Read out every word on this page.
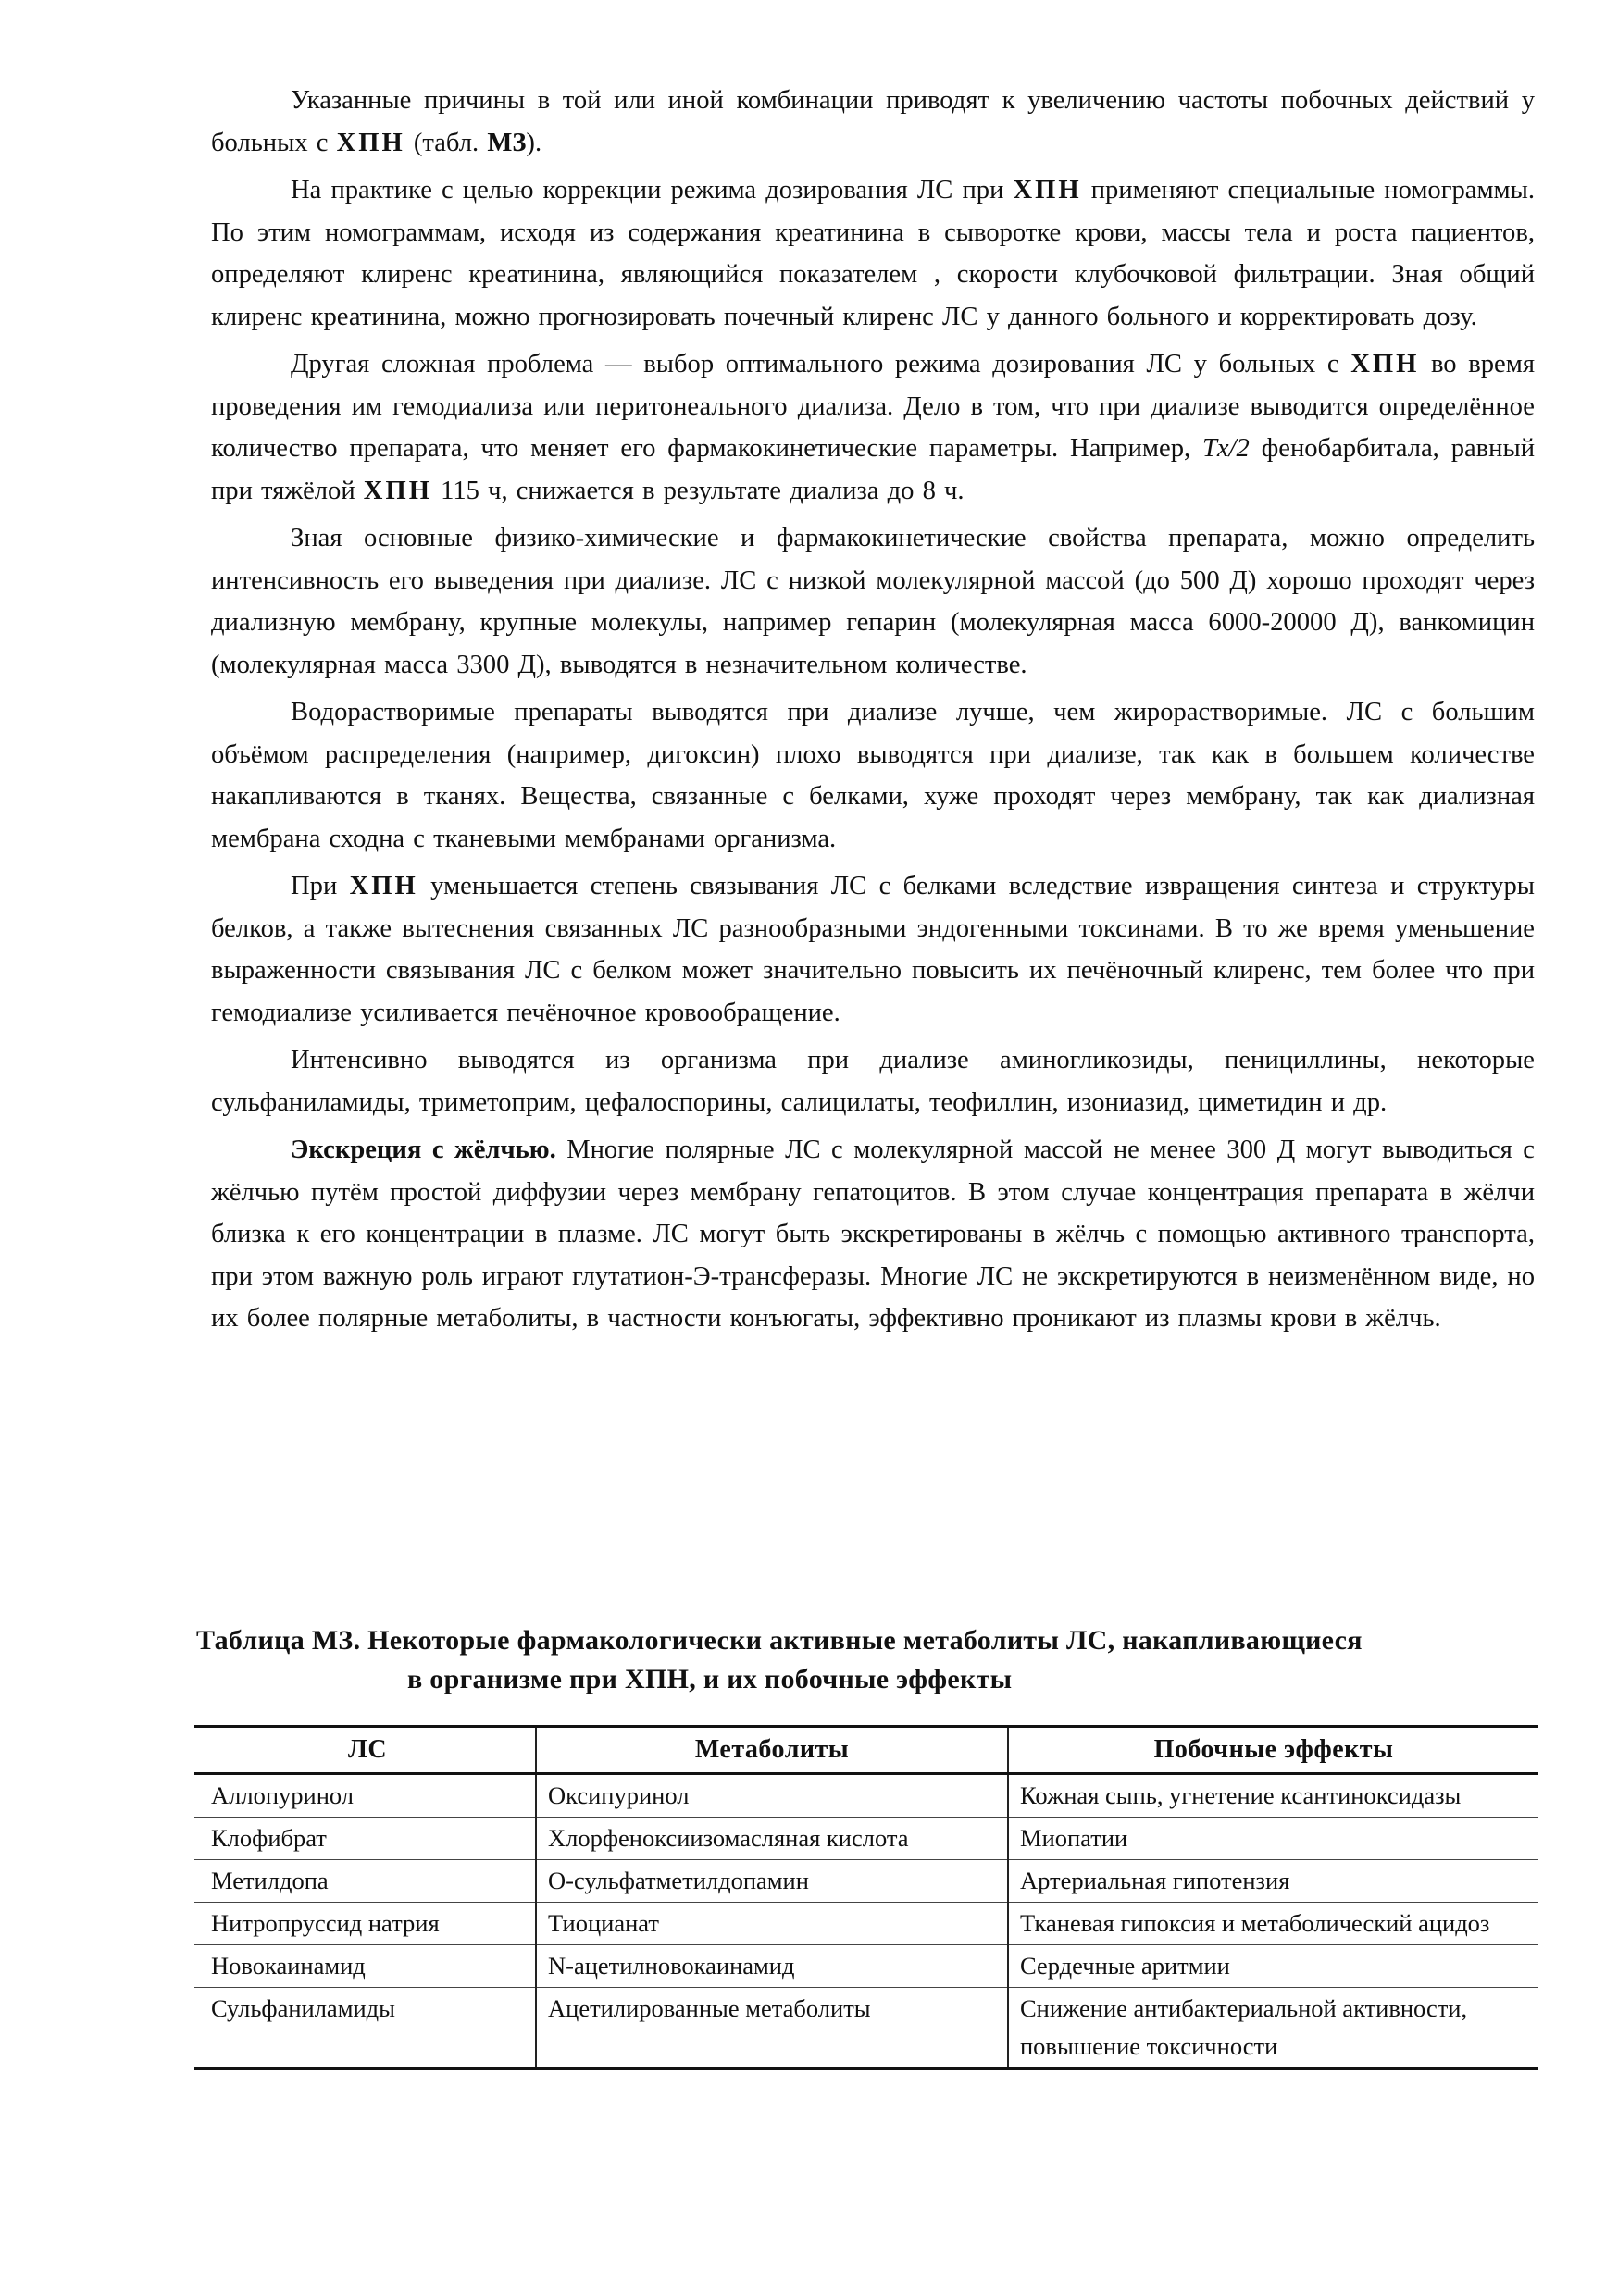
Указанные причины в той или иной комбинации приводят к увеличению частоты побочных действий у больных с ХПН (табл. МЗ).

На практике с целью коррекции режима дозирования ЛС при ХПН применяют специальные номограммы. По этим номограммам, исходя из содержания креатинина в сыворотке крови, массы тела и роста пациентов, определяют клиренс креатинина, являющийся показателем , скорости клубочковой фильтрации. Зная общий клиренс креатинина, можно прогнозировать почечный клиренс ЛС у данного больного и корректировать дозу.

Другая сложная проблема — выбор оптимального режима дозирования ЛС у больных с ХПН во время проведения им гемодиализа или перитонеального диализа. Дело в том, что при диализе выводится определённое количество препарата, что меняет его фармакокинетические параметры. Например, Tx/2 фенобарбитала, равный при тяжёлой ХПН 115 ч, снижается в результате диализа до 8 ч.

Зная основные физико-химические и фармакокинетические свойства препарата, можно определить интенсивность его выведения при диализе. ЛС с низкой молекулярной массой (до 500 Д) хорошо проходят через диализную мембрану, крупные молекулы, например гепарин (молекулярная масса 6000-20000 Д), ванкомицин (молекулярная масса 3300 Д), выводятся в незначительном количестве.

Водорастворимые препараты выводятся при диализе лучше, чем жирорастворимые. ЛС с большим объёмом распределения (например, дигоксин) плохо выводятся при диализе, так как в большем количестве накапливаются в тканях. Вещества, связанные с белками, хуже проходят через мембрану, так как диализная мембрана сходна с тканевыми мембранами организма.

При ХПН уменьшается степень связывания ЛС с белками вследствие извращения синтеза и структуры белков, а также вытеснения связанных ЛС разнообразными эндогенными токсинами. В то же время уменьшение выраженности связывания ЛС с белком может значительно повысить их печёночный клиренс, тем более что при гемодиализе усиливается печёночное кровообращение.

Интенсивно выводятся из организма при диализе аминогликозиды, пенициллины, некоторые сульфаниламиды, триметоприм, цефалоспорины, салицилаты, теофиллин, изониазид, циметидин и др.

Экскреция с жёлчью. Многие полярные ЛС с молекулярной массой не менее 300 Д могут выводиться с жёлчью путём простой диффузии через мембрану гепатоцитов. В этом случае концентрация препарата в жёлчи близка к его концентрации в плазме. ЛС могут быть экскретированы в жёлчь с помощью активного транспорта, при этом важную роль играют глутатион-Э-трансферазы. Многие ЛС не экскретируются в неизменённом виде, но их более полярные метаболиты, в частности конъюгаты, эффективно проникают из плазмы крови в жёлчь.

Таблица МЗ. Некоторые фармакологически активные метаболиты ЛС, накапливающиеся
в организме при ХПН, и их побочные эффекты
ЛС	Метаболиты	Побочные эффекты
Аллопуринол	Оксипуринол	Кожная сыпь, угнетение ксантиноксидазы
Клофибрат	Хлорфеноксиизомасляная кислота	Миопатии
Метилдопа	О-сульфатметилдопамин	Артериальная гипотензия
Нитропруссид натрия	Тиоцианат	Тканевая гипоксия и метаболический ацидоз
Новокаинамид	N-ацетилновокаинамид	Сердечные аритмии
Сульфаниламиды	Ацетилированные метаболиты	Снижение антибактериальной активности, повышение токсичности
